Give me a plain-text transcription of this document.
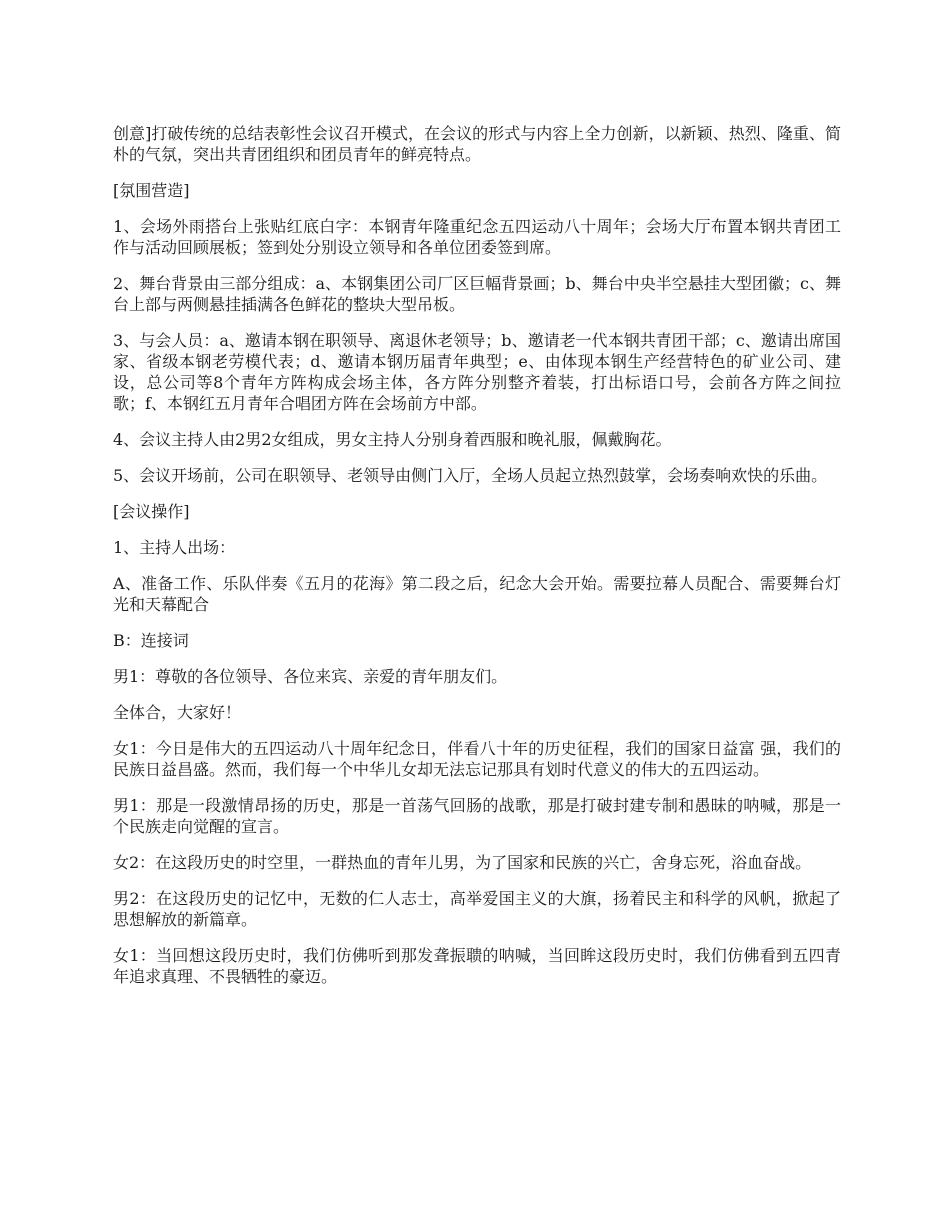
创意]打破传统的总结表彰性会议召开模式，在会议的形式与内容上全力创新，以新颖、热烈、隆重、简朴的气氛，突出共青团组织和团员青年的鲜亮特点。

[氛围营造]

1、会场外雨搭台上张贴红底白字：本钢青年隆重纪念五四运动八十周年；会场大厅布置本钢共青团工作与活动回顾展板；签到处分别设立领导和各单位团委签到席。

2、舞台背景由三部分组成：a、本钢集团公司厂区巨幅背景画；b、舞台中央半空悬挂大型团徽；c、舞台上部与两侧悬挂插满各色鲜花的整块大型吊板。

3、与会人员：a、邀请本钢在职领导、离退休老领导；b、邀请老一代本钢共青团干部；c、邀请出席国家、省级本钢老劳模代表；d、邀请本钢历届青年典型；e、由体现本钢生产经营特色的矿业公司、建设，总公司等8个青年方阵构成会场主体，各方阵分别整齐着装，打出标语口号，会前各方阵之间拉歌；f、本钢红五月青年合唱团方阵在会场前方中部。

4、会议主持人由2男2女组成，男女主持人分别身着西服和晚礼服，佩戴胸花。

5、会议开场前，公司在职领导、老领导由侧门入厅，全场人员起立热烈鼓掌，会场奏响欢快的乐曲。

[会议操作]

1、主持人出场：

A、准备工作、乐队伴奏《五月的花海》第二段之后，纪念大会开始。需要拉幕人员配合、需要舞台灯光和天幕配合

B：连接词

男1：尊敬的各位领导、各位来宾、亲爱的青年朋友们。

全体合，大家好！

女1：今日是伟大的五四运动八十周年纪念日，伴看八十年的历史征程，我们的国家日益富 强，我们的民族日益昌盛。然而，我们每一个中华儿女却无法忘记那具有划时代意义的伟大的五四运动。

男1：那是一段激情昂扬的历史，那是一首荡气回肠的战歌，那是打破封建专制和愚昧的呐喊，那是一个民族走向觉醒的宣言。

女2：在这段历史的时空里，一群热血的青年儿男，为了国家和民族的兴亡，舍身忘死，浴血奋战。

男2：在这段历史的记忆中，无数的仁人志士，高举爱国主义的大旗，扬着民主和科学的风帆，掀起了思想解放的新篇章。

女1：当回想这段历史时，我们仿佛听到那发聋振聩的呐喊，当回眸这段历史时，我们仿佛看到五四青年追求真理、不畏牺牲的豪迈。
